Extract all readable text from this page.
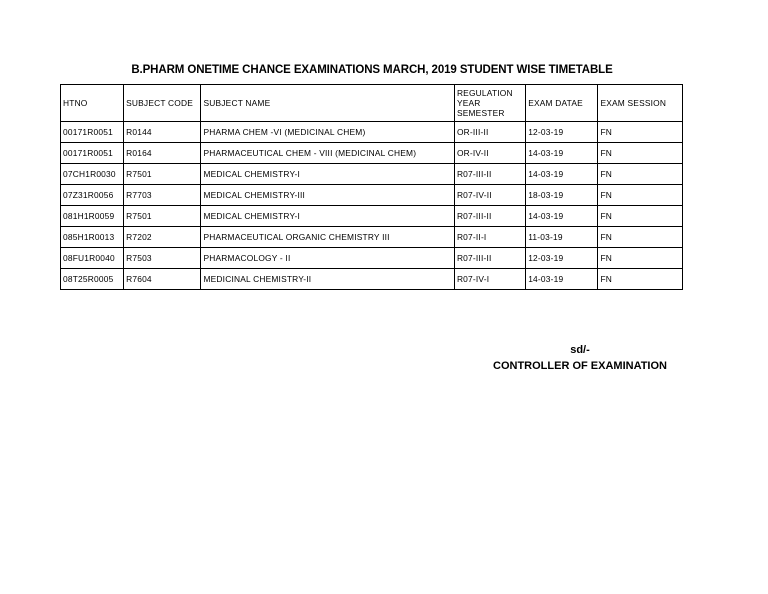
B.PHARM ONETIME CHANCE EXAMINATIONS MARCH, 2019 STUDENT WISE TIMETABLE
HTNO	SUBJECT CODE	SUBJECT NAME	REGULATION YEAR SEMESTER	EXAM DATAE	EXAM SESSION
00171R0051	R0144	PHARMA CHEM -VI (MEDICINAL CHEM)	OR-III-II	12-03-19	FN
00171R0051	R0164	PHARMACEUTICAL CHEM - VIII (MEDICINAL CHEM)	OR-IV-II	14-03-19	FN
07CH1R0030	R7501	MEDICAL CHEMISTRY-I	R07-III-II	14-03-19	FN
07Z31R0056	R7703	MEDICAL CHEMISTRY-III	R07-IV-II	18-03-19	FN
081H1R0059	R7501	MEDICAL CHEMISTRY-I	R07-III-II	14-03-19	FN
085H1R0013	R7202	PHARMACEUTICAL ORGANIC CHEMISTRY III	R07-II-I	11-03-19	FN
08FU1R0040	R7503	PHARMACOLOGY - II	R07-III-II	12-03-19	FN
08T25R0005	R7604	MEDICINAL CHEMISTRY-II	R07-IV-I	14-03-19	FN
sd/-
CONTROLLER OF EXAMINATION
